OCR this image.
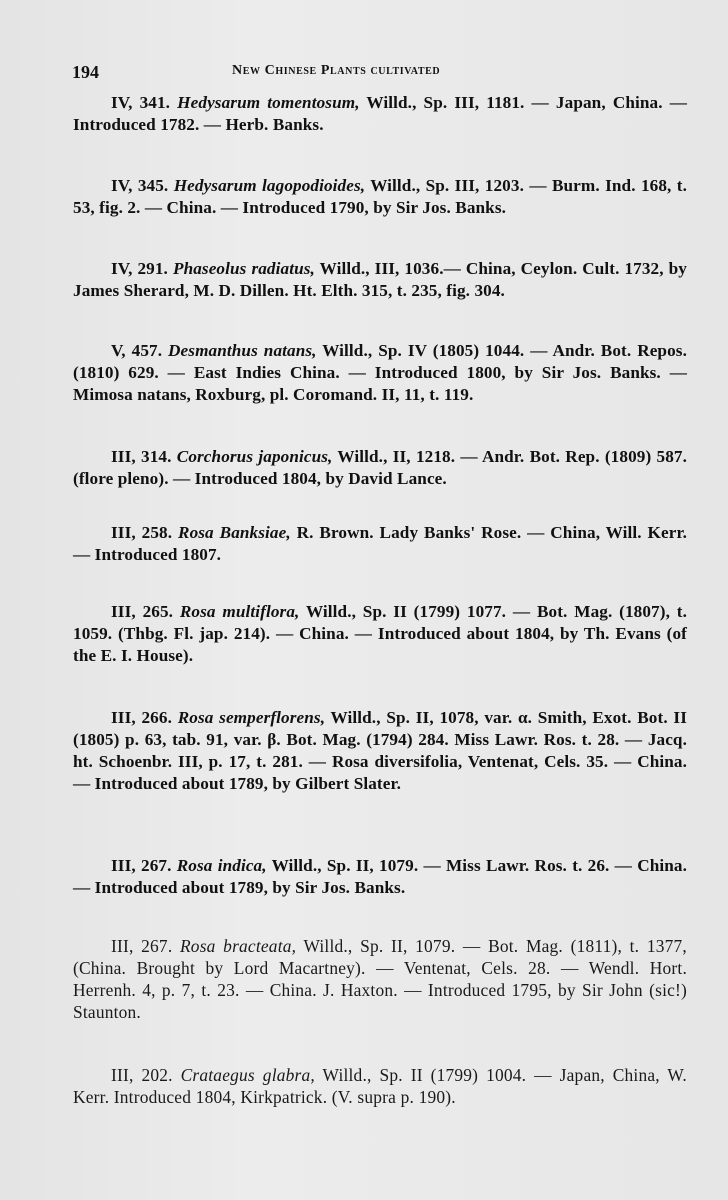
194	New Chinese Plants cultivated

IV, 341. Hedysarum tomentosum, Willd., Sp. III, 1181. — Japan, China. — Introduced 1782. — Herb. Banks.

IV, 345. Hedysarum lagopodioides, Willd., Sp. III, 1203. — Burm. Ind. 168, t. 53, fig. 2. — China. — Introduced 1790, by Sir Jos. Banks.

IV, 291. Phaseolus radiatus, Willd., III, 1036.— China, Ceylon. Cult. 1732, by James Sherard, M. D. Dillen. Ht. Elth. 315, t. 235, fig. 304.

V, 457. Desmanthus natans, Willd., Sp. IV (1805) 1044. — Andr. Bot. Repos. (1810) 629. — East Indies China. — Introduced 1800, by Sir Jos. Banks. — Mimosa natans, Roxburg, pl. Coromand. II, 11, t. 119.

III, 314. Corchorus japonicus, Willd., II, 1218. — Andr. Bot. Rep. (1809) 587. (flore pleno). — Introduced 1804, by David Lance.

III, 258. Rosa Banksiae, R. Brown. Lady Banks' Rose. — China, Will. Kerr. — Introduced 1807.

III, 265. Rosa multiflora, Willd., Sp. II (1799) 1077. — Bot. Mag. (1807), t. 1059. (Thbg. Fl. jap. 214). — China. — Introduced about 1804, by Th. Evans (of the E. I. House).

III, 266. Rosa semperflorens, Willd., Sp. II, 1078, var. α. Smith, Exot. Bot. II (1805) p. 63, tab. 91, var. β. Bot. Mag. (1794) 284. Miss Lawr. Ros. t. 28. — Jacq. ht. Schoenbr. III, p. 17, t. 281. — Rosa diversifolia, Ventenat, Cels. 35. — China. — Introduced about 1789, by Gilbert Slater.

III, 267. Rosa indica, Willd., Sp. II, 1079. — Miss Lawr. Ros. t. 26. — China. — Introduced about 1789, by Sir Jos. Banks.

III, 267. Rosa bracteata, Willd., Sp. II, 1079. — Bot. Mag. (1811), t. 1377, (China. Brought by Lord Macartney). — Ventenat, Cels. 28. — Wendl. Hort. Herrenh. 4, p. 7, t. 23. — China. J. Haxton. — Introduced 1795, by Sir John (sic!) Staunton.

III, 202. Crataegus glabra, Willd., Sp. II (1799) 1004. — Japan, China, W. Kerr. Introduced 1804, Kirkpatrick. (V. supra p. 190).
